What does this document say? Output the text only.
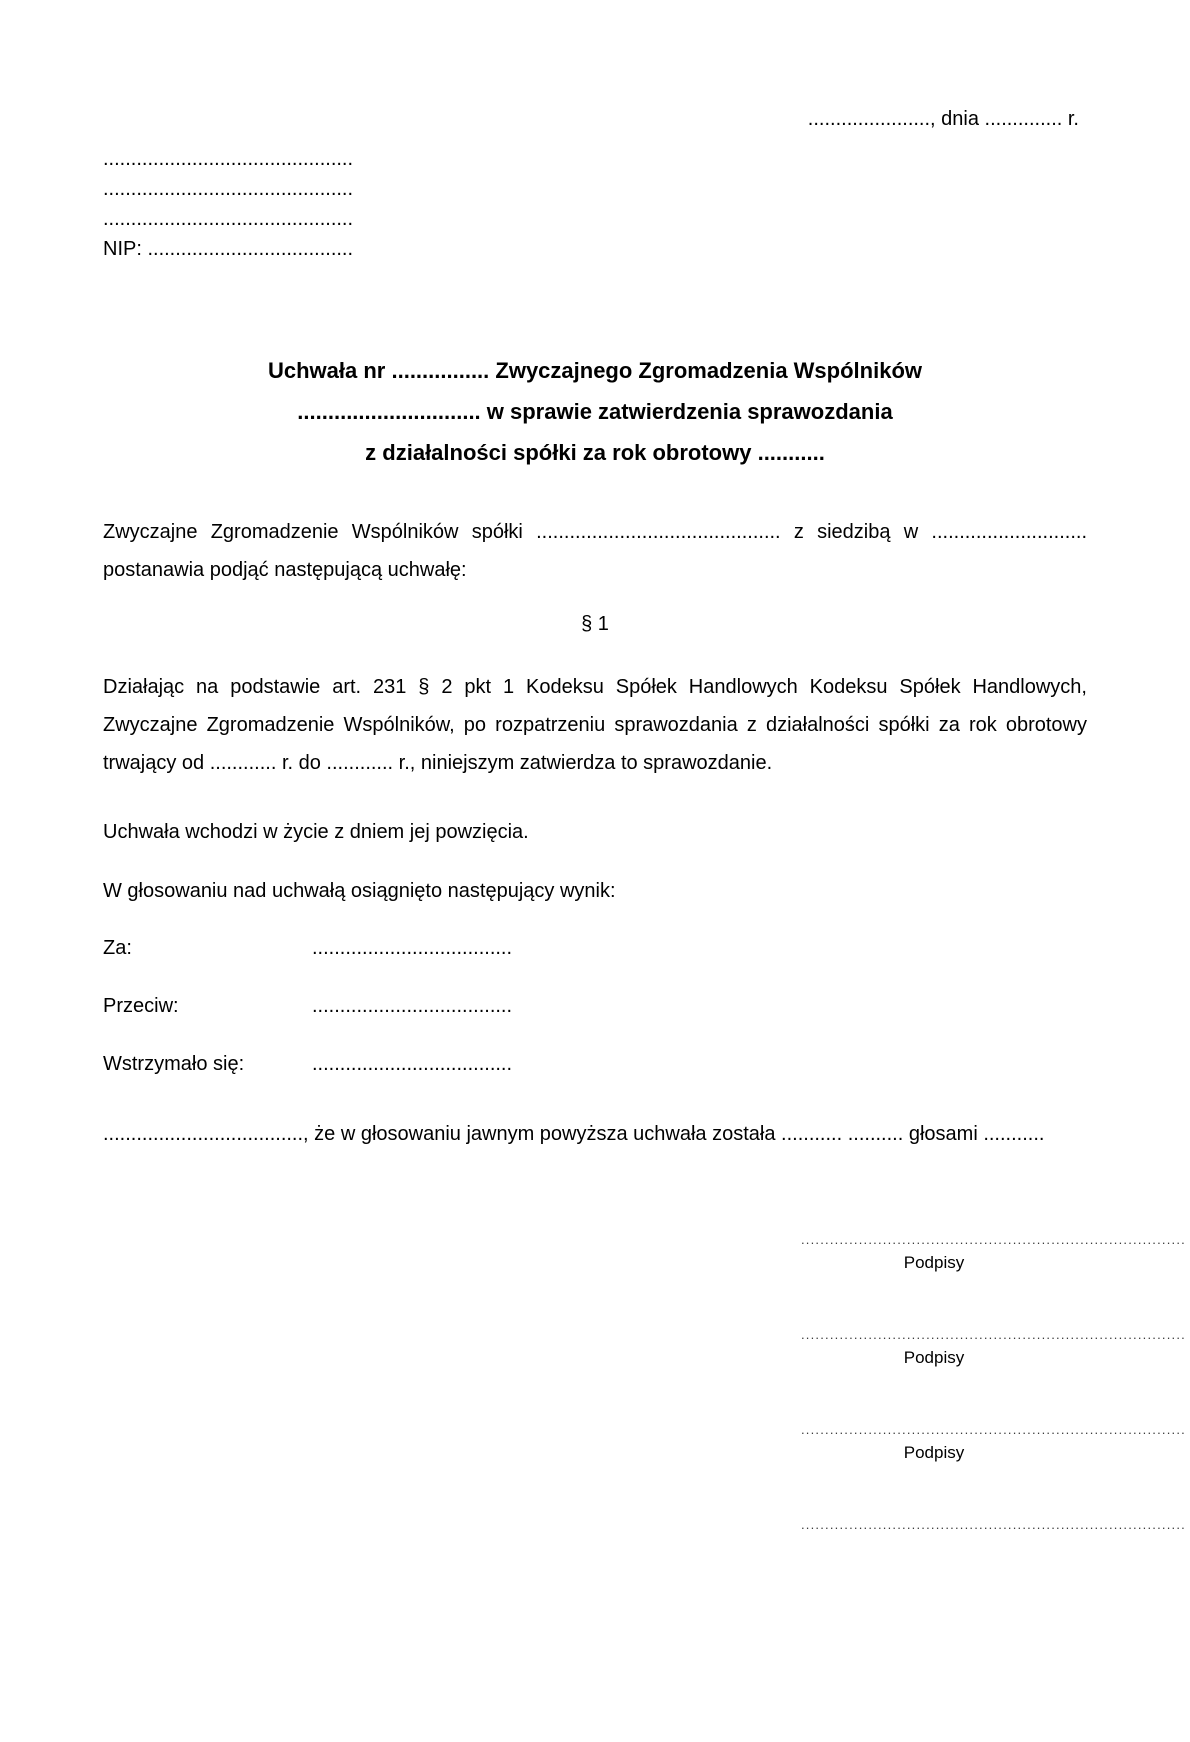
......................, dnia .............. r.
.............................................
.............................................
.............................................
NIP: .....................................
Uchwała nr ................ Zwyczajnego Zgromadzenia Wspólników
.............................. w sprawie zatwierdzenia sprawozdania
z działalności spółki za rok obrotowy ...........

Zwyczajne Zgromadzenie Wspólników spółki ............................................ z siedzibą w ............................ postanawia podjąć następującą uchwałę:

§ 1

Działając na podstawie art. 231 § 2 pkt 1 Kodeksu Spółek Handlowych Kodeksu Spółek Handlowych, Zwyczajne Zgromadzenie Wspólników, po rozpatrzeniu sprawozdania z działalności spółki za rok obrotowy trwający od ............ r. do ............ r., niniejszym zatwierdza to sprawozdanie.

Uchwała wchodzi w życie z dniem jej powzięcia.

W głosowaniu nad uchwałą osiągnięto następujący wynik:

Za:	....................................
Przeciw:	....................................
Wstrzymało się:	....................................

...................................., że w głosowaniu jawnym powyższa uchwała została ........... .......... głosami ...........

................................................................................
Podpisy
................................................................................
Podpisy
................................................................................
Podpisy
................................................................................
